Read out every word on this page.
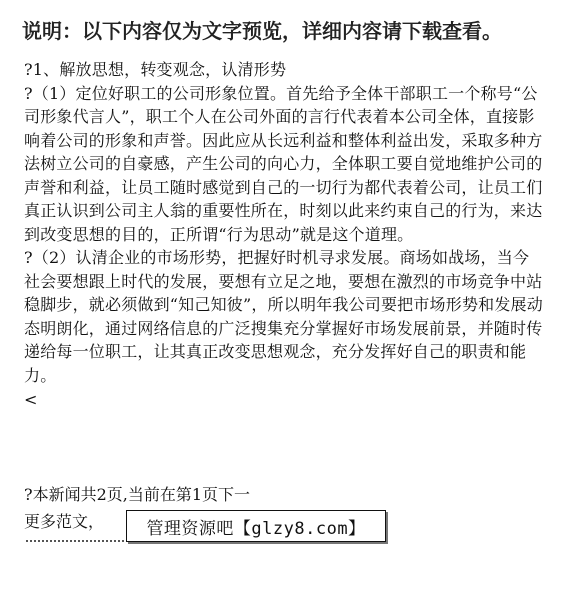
说明：以下内容仅为文字预览，详细内容请下载查看。

?1、解放思想，转变观念，认清形势

?（1）定位好职工的公司形象位置。首先给予全体干部职工一个称号“公司形象代言人”，职工个人在公司外面的言行代表着本公司全体，直接影响着公司的形象和声誉。因此应从长远利益和整体利益出发，采取多种方法树立公司的自豪感，产生公司的向心力，全体职工要自觉地维护公司的声誉和利益，让员工随时感觉到自己的一切行为都代表着公司，让员工们真正认识到公司主人翁的重要性所在，时刻以此来约束自己的行为，来达到改变思想的目的，正所谓“行为思动”就是这个道理。

?（2）认清企业的市场形势，把握好时机寻求发展。商场如战场，当今社会要想跟上时代的发展，要想有立足之地，要想在激烈的市场竞争中站稳脚步，就必须做到“知己知彼”，所以明年我公司要把市场形势和发展动态明朗化，通过网络信息的广泛搜集充分掌握好市场发展前景，并随时传递给每一位职工，让其真正改变思想观念，充分发挥好自己的职责和能力。

<
?本新闻共2页,当前在第1页下一
更多范文，	管理资源吧【glzy8.com】
